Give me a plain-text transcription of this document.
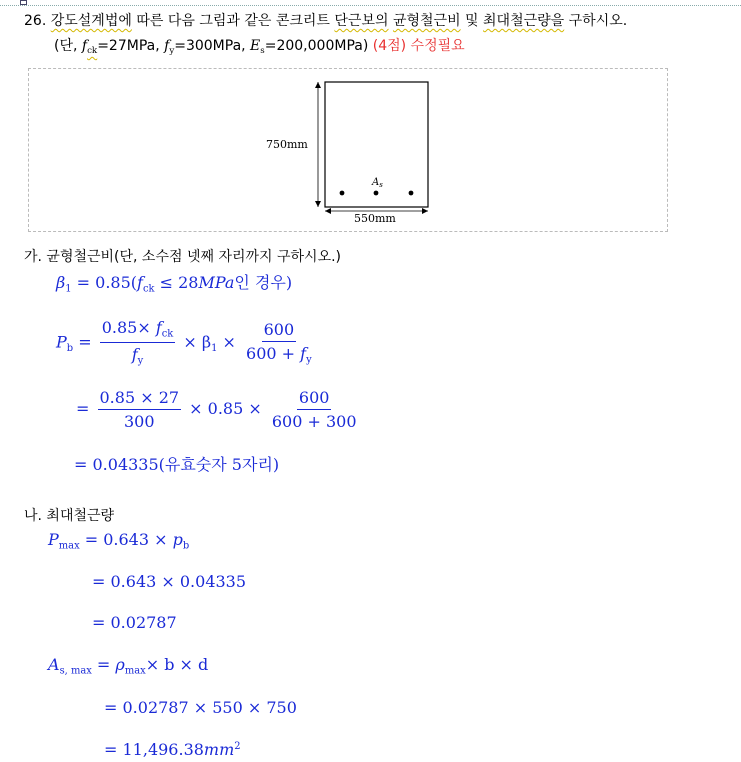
26. 강도설계법에 따른 다음 그림과 같은 콘크리트 단근보의 균형철근비 및 최대철근량을 구하시오.
(단, $f_{ck}=27MPa$, $f_y=300MPa$, $E_s=200,000MPa$) (4점) 수정필요
750mm
$A_s$
550mm
가. 균형철근비(단, 소수점 넷째 자리까지 구하시오.)
$\beta_1 = 0.85(f_{ck} \le 28MPa$인 경우)
$P_b = \frac{0.85\times f_{ck}}{f_y} \times \beta_1 \times \frac{600}{600 + f_y}$
= $\frac{0.85 \times 27}{300} \times 0.85 \times \frac{600}{600 + 300}$
= 0.04335(유효숫자 5자리)
나. 최대철근량
$P_{max} = 0.643 \times p_b$
= 0.643 × 0.04335
= 0.02787
$A_{s, max} = \rho_{max}\times b \times d$
= 0.02787 × 550 × 750
= $11,496.38mm^2$
